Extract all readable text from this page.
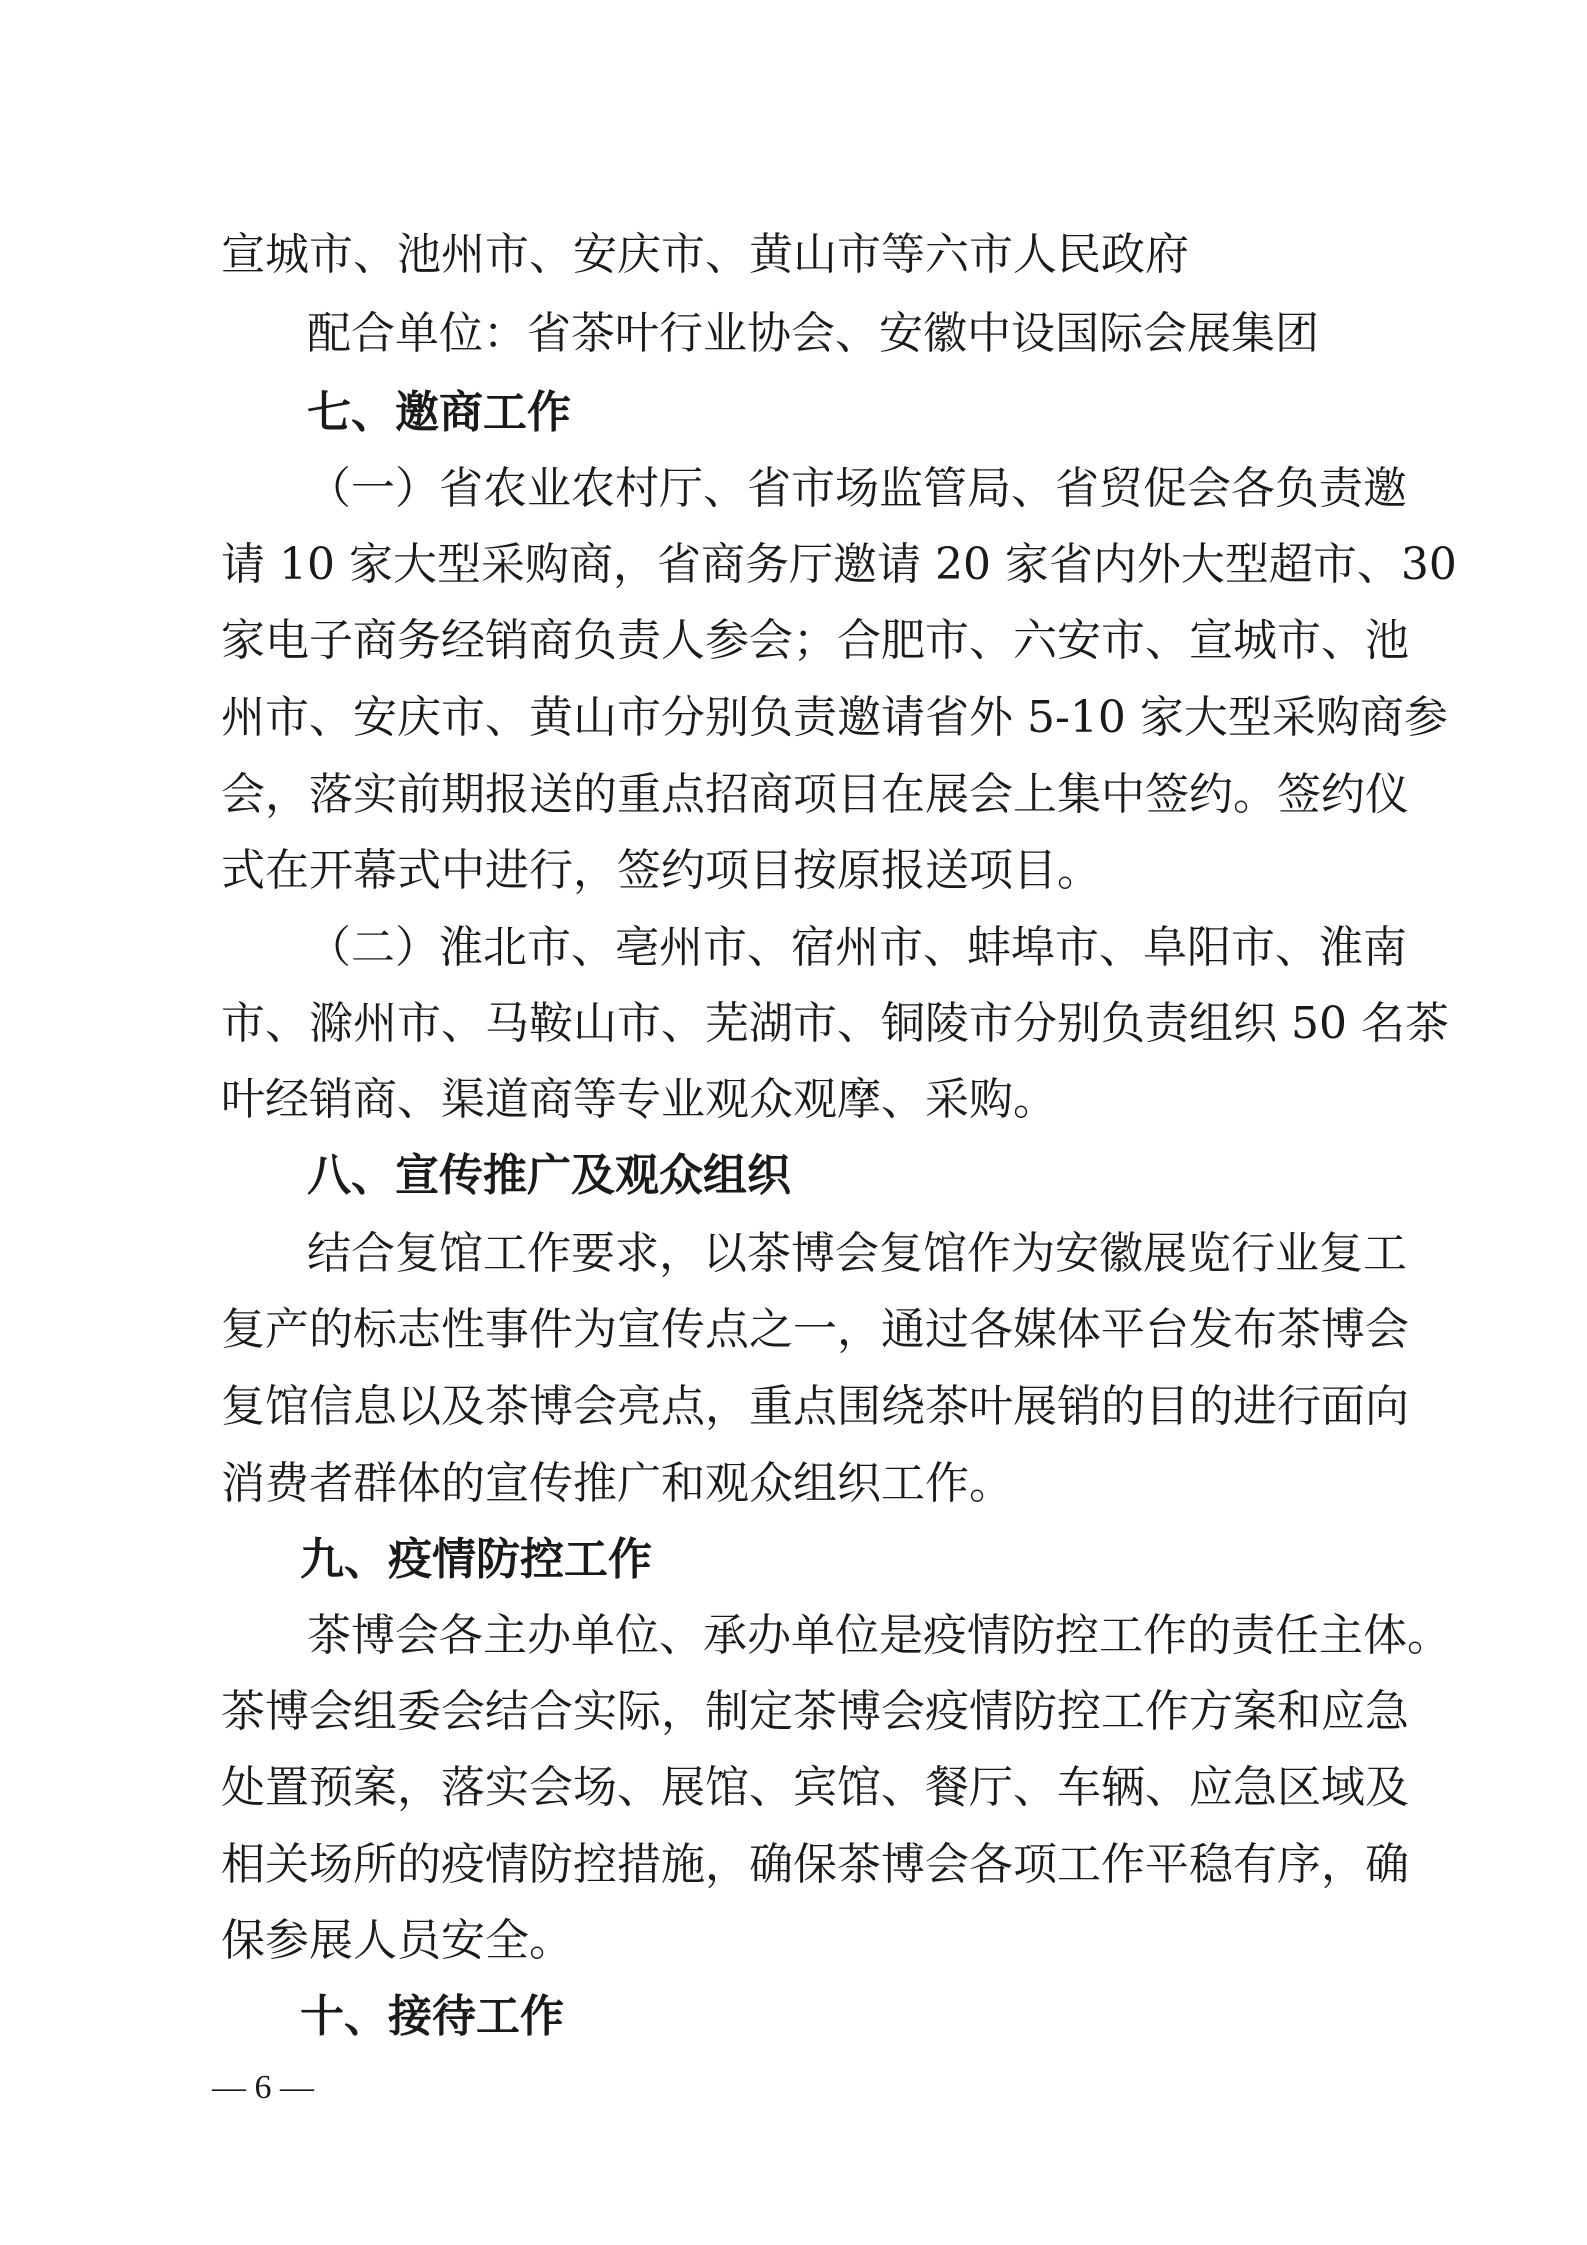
宣城市、池州市、安庆市、黄山市等六市人民政府
配合单位：省茶叶行业协会、安徽中设国际会展集团
七、邀商工作
（一）省农业农村厅、省市场监管局、省贸促会各负责邀
请 10 家大型采购商，省商务厅邀请 20 家省内外大型超市、30
家电子商务经销商负责人参会；合肥市、六安市、宣城市、池
州市、安庆市、黄山市分别负责邀请省外 5-10 家大型采购商参
会，落实前期报送的重点招商项目在展会上集中签约。签约仪
式在开幕式中进行，签约项目按原报送项目。
（二）淮北市、亳州市、宿州市、蚌埠市、阜阳市、淮南
市、滁州市、马鞍山市、芜湖市、铜陵市分别负责组织 50 名茶
叶经销商、渠道商等专业观众观摩、采购。
八、宣传推广及观众组织
结合复馆工作要求，以茶博会复馆作为安徽展览行业复工
复产的标志性事件为宣传点之一，通过各媒体平台发布茶博会
复馆信息以及茶博会亮点，重点围绕茶叶展销的目的进行面向
消费者群体的宣传推广和观众组织工作。
九、疫情防控工作
茶博会各主办单位、承办单位是疫情防控工作的责任主体。
茶博会组委会结合实际，制定茶博会疫情防控工作方案和应急
处置预案，落实会场、展馆、宾馆、餐厅、车辆、应急区域及
相关场所的疫情防控措施，确保茶博会各项工作平稳有序，确
保参展人员安全。
十、接待工作
— 6 —
